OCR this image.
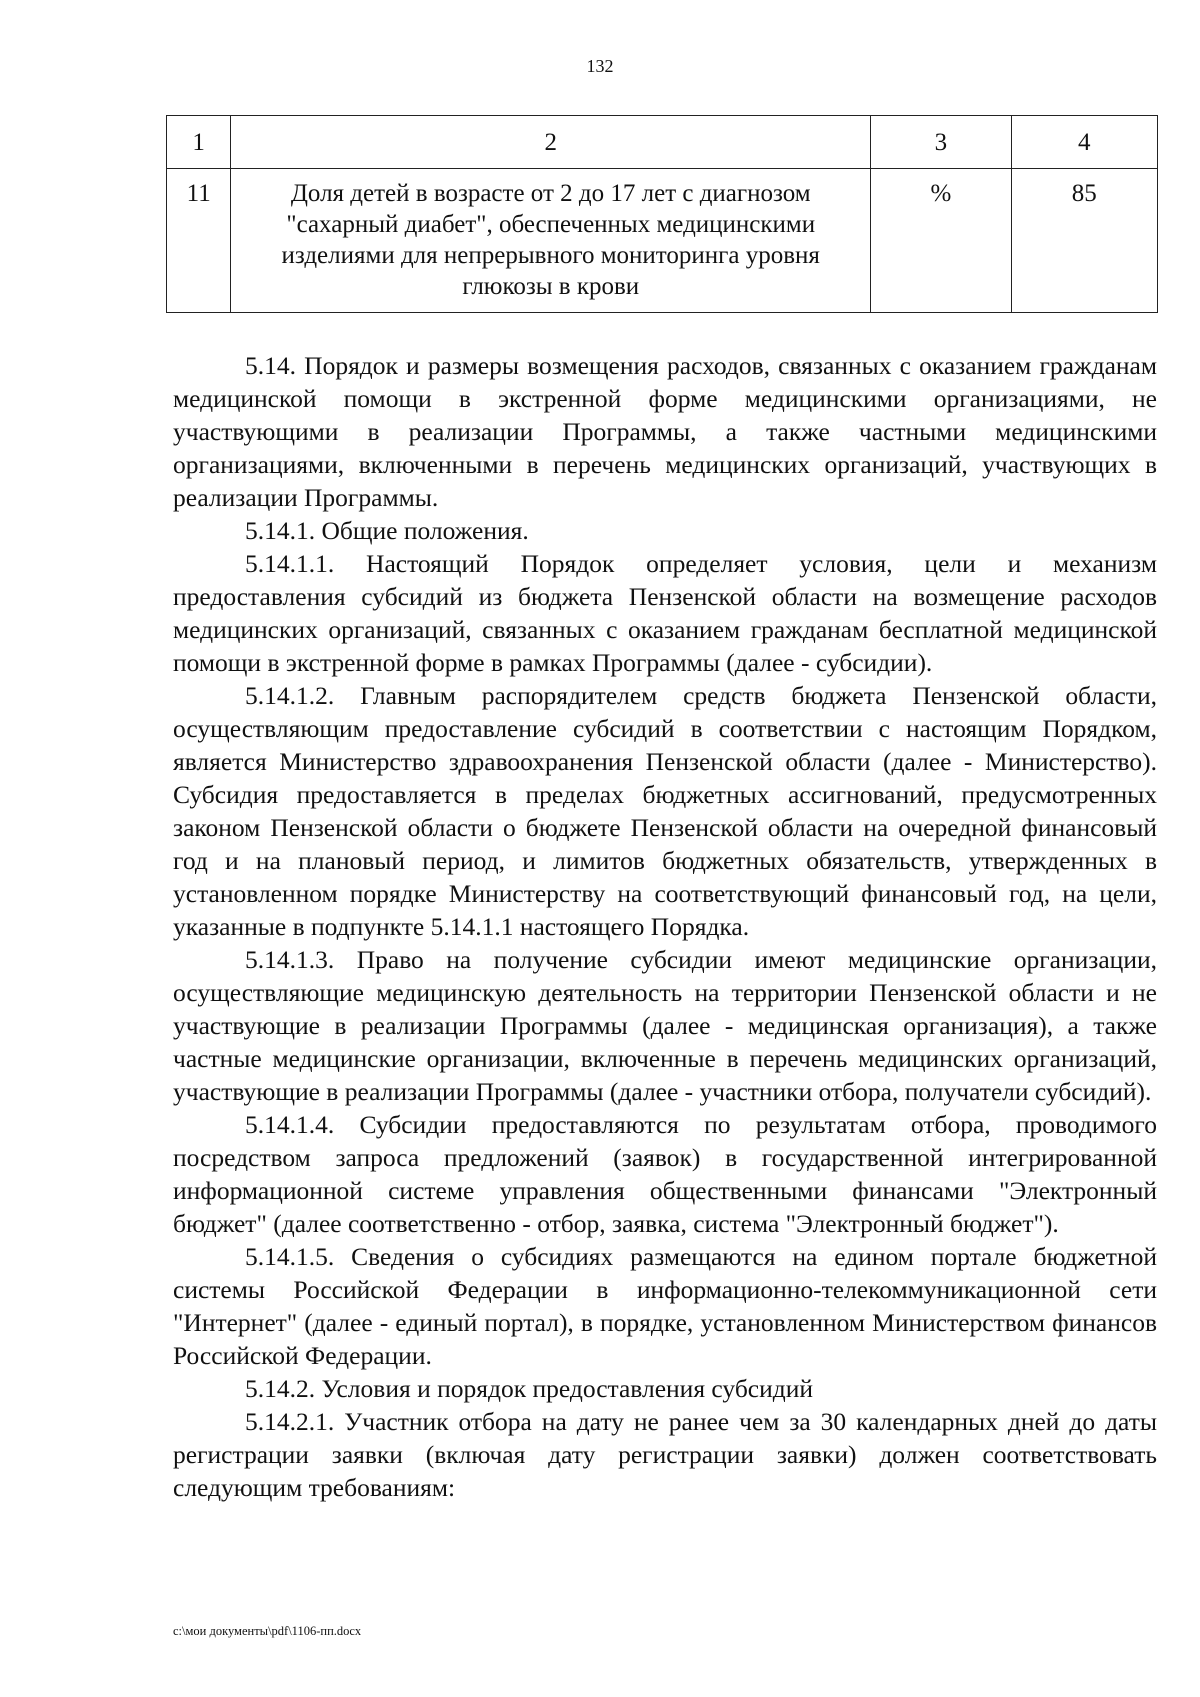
132
1	2	3	4
11	Доля детей в возрасте от 2 до 17 лет с диагнозом "сахарный диабет", обеспеченных медицинскими изделиями для непрерывного мониторинга уровня глюкозы в крови	%	85

5.14. Порядок и размеры возмещения расходов, связанных с оказанием гражданам медицинской помощи в экстренной форме медицинскими организациями, не участвующими в реализации Программы, а также частными медицинскими организациями, включенными в перечень медицинских организаций, участвующих в реализации Программы.

5.14.1. Общие положения.

5.14.1.1. Настоящий Порядок определяет условия, цели и механизм предоставления субсидий из бюджета Пензенской области на возмещение расходов медицинских организаций, связанных с оказанием гражданам бесплатной медицинской помощи в экстренной форме в рамках Программы (далее - субсидии).

5.14.1.2. Главным распорядителем средств бюджета Пензенской области, осуществляющим предоставление субсидий в соответствии с настоящим Порядком, является Министерство здравоохранения Пензенской области (далее - Министерство). Субсидия предоставляется в пределах бюджетных ассигнований, предусмотренных законом Пензенской области о бюджете Пензенской области на очередной финансовый год и на плановый период, и лимитов бюджетных обязательств, утвержденных в установленном порядке Министерству на соответствующий финансовый год, на цели, указанные в подпункте 5.14.1.1 настоящего Порядка.

5.14.1.3. Право на получение субсидии имеют медицинские организации, осуществляющие медицинскую деятельность на территории Пензенской области и не участвующие в реализации Программы (далее - медицинская организация), а также частные медицинские организации, включенные в перечень медицинских организаций, участвующие в реализации Программы (далее - участники отбора, получатели субсидий).

5.14.1.4. Субсидии предоставляются по результатам отбора, проводимого посредством запроса предложений (заявок) в государственной интегрированной информационной системе управления общественными финансами "Электронный бюджет" (далее соответственно - отбор, заявка, система "Электронный бюджет").

5.14.1.5. Сведения о субсидиях размещаются на едином портале бюджетной системы Российской Федерации в информационно-телекоммуникационной сети "Интернет" (далее - единый портал), в порядке, установленном Министерством финансов Российской Федерации.

5.14.2. Условия и порядок предоставления субсидий

5.14.2.1. Участник отбора на дату не ранее чем за 30 календарных дней до даты регистрации заявки (включая дату регистрации заявки) должен соответствовать следующим требованиям:

c:\мои документы\pdf\1106-пп.docx
